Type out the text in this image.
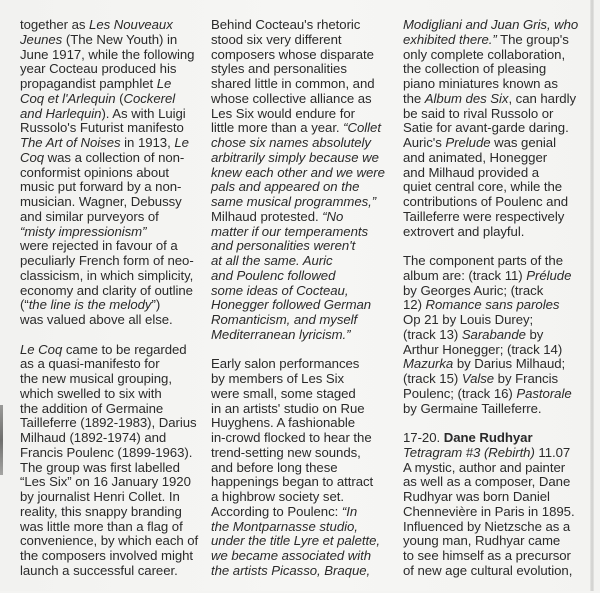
together as Les Nouveaux
Jeunes (The New Youth) in
June 1917, while the following
year Cocteau produced his
propagandist pamphlet Le
Coq et l'Arlequin (Cockerel
and Harlequin). As with Luigi
Russolo's Futurist manifesto
The Art of Noises in 1913, Le
Coq was a collection of non-
conformist opinions about
music put forward by a non-
musician. Wagner, Debussy
and similar purveyors of
“misty impressionism”
were rejected in favour of a
peculiarly French form of neo-
classicism, in which simplicity,
economy and clarity of outline
(“the line is the melody”)
was valued above all else.

Le Coq came to be regarded
as a quasi-manifesto for
the new musical grouping,
which swelled to six with
the addition of Germaine
Tailleferre (1892-1983), Darius
Milhaud (1892-1974) and
Francis Poulenc (1899-1963).
The group was first labelled
“Les Six” on 16 January 1920
by journalist Henri Collet. In
reality, this snappy branding
was little more than a flag of
convenience, by which each of
the composers involved might
launch a successful career.

Behind Cocteau's rhetoric
stood six very different
composers whose disparate
styles and personalities
shared little in common, and
whose collective alliance as
Les Six would endure for
little more than a year. “Collet
chose six names absolutely
arbitrarily simply because we
knew each other and we were
pals and appeared on the
same musical programmes,”
Milhaud protested. “No
matter if our temperaments
and personalities weren't
at all the same. Auric
and Poulenc followed
some ideas of Cocteau,
Honegger followed German
Romanticism, and myself
Mediterranean lyricism.”

Early salon performances
by members of Les Six
were small, some staged
in an artists' studio on Rue
Huyghens. A fashionable
in-crowd flocked to hear the
trend-setting new sounds,
and before long these
happenings began to attract
a highbrow society set.
According to Poulenc: “In
the Montparnasse studio,
under the title Lyre et palette,
we became associated with
the artists Picasso, Braque,

Modigliani and Juan Gris, who
exhibited there.” The group's
only complete collaboration,
the collection of pleasing
piano miniatures known as
the Album des Six, can hardly
be said to rival Russolo or
Satie for avant-garde daring.
Auric's Prelude was genial
and animated, Honegger
and Milhaud provided a
quiet central core, while the
contributions of Poulenc and
Tailleferre were respectively
extrovert and playful.

The component parts of the
album are: (track 11) Prélude
by Georges Auric; (track
12) Romance sans paroles
Op 21 by Louis Durey;
(track 13) Sarabande by
Arthur Honegger; (track 14)
Mazurka by Darius Milhaud;
(track 15) Valse by Francis
Poulenc; (track 16) Pastorale
by Germaine Tailleferre.

17-20. Dane Rudhyar
Tetragram #3 (Rebirth) 11.07
A mystic, author and painter
as well as a composer, Dane
Rudhyar was born Daniel
Chennevière in Paris in 1895.
Influenced by Nietzsche as a
young man, Rudhyar came
to see himself as a precursor
of new age cultural evolution,
